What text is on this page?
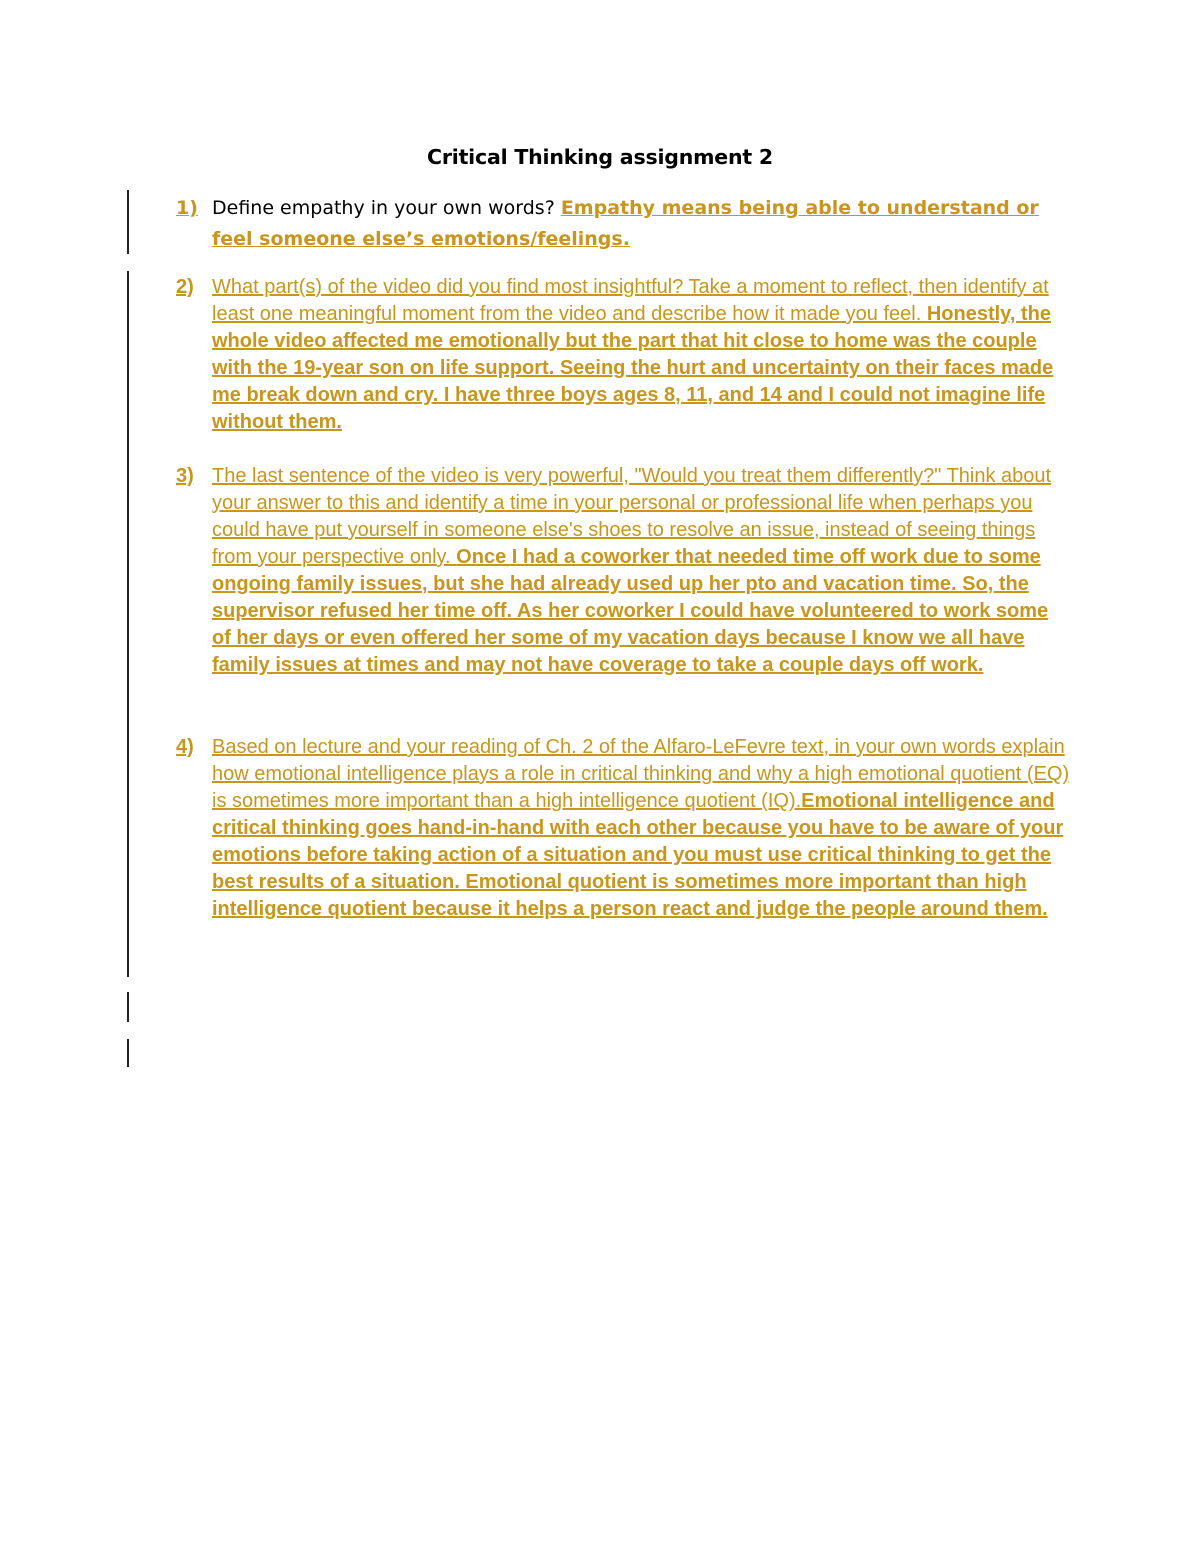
Critical Thinking assignment 2
1) Define empathy in your own words? Empathy means being able to understand or feel someone else’s emotions/feelings.
2) What part(s) of the video did you find most insightful? Take a moment to reflect, then identify at least one meaningful moment from the video and describe how it made you feel. Honestly, the whole video affected me emotionally but the part that hit close to home was the couple with the 19-year son on life support. Seeing the hurt and uncertainty on their faces made me break down and cry. I have three boys ages 8, 11, and 14 and I could not imagine life without them.
3) The last sentence of the video is very powerful, "Would you treat them differently?" Think about your answer to this and identify a time in your personal or professional life when perhaps you could have put yourself in someone else's shoes to resolve an issue, instead of seeing things from your perspective only. Once I had a coworker that needed time off work due to some ongoing family issues, but she had already used up her pto and vacation time. So, the supervisor refused her time off. As her coworker I could have volunteered to work some of her days or even offered her some of my vacation days because I know we all have family issues at times and may not have coverage to take a couple days off work.
4) Based on lecture and your reading of Ch. 2 of the Alfaro-LeFevre text, in your own words explain how emotional intelligence plays a role in critical thinking and why a high emotional quotient (EQ) is sometimes more important than a high intelligence quotient (IQ).Emotional intelligence and critical thinking goes hand-in-hand with each other because you have to be aware of your emotions before taking action of a situation and you must use critical thinking to get the best results of a situation. Emotional quotient is sometimes more important than high intelligence quotient because it helps a person react and judge the people around them.
